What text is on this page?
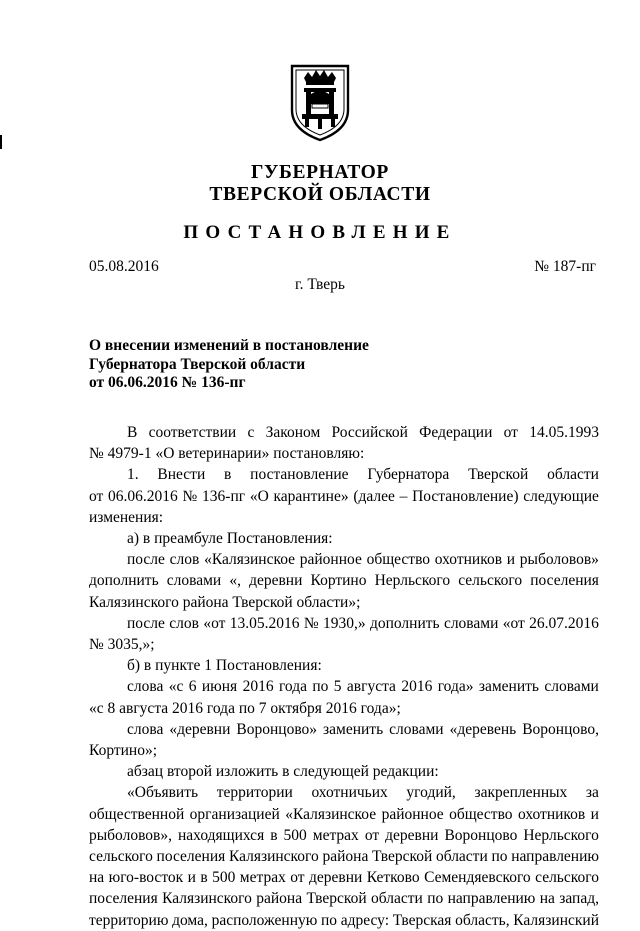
ГУБЕРНАТОР
ТВЕРСКОЙ ОБЛАСТИ
ПОСТАНОВЛЕНИЕ
05.08.2016	№ 187-пг
г. Тверь
О внесении изменений в постановление
Губернатора Тверской области
от 06.06.2016 № 136-пг
В соответствии с Законом Российской Федерации от 14.05.1993
№ 4979-1 «О ветеринарии» постановляю:
1. Внести в постановление Губернатора Тверской области
от 06.06.2016 № 136-пг «О карантине» (далее – Постановление) следующие
изменения:
а) в преамбуле Постановления:
после слов «Калязинское районное общество охотников и рыболовов»
дополнить словами «, деревни Кортино Нерльского сельского поселения
Калязинского района Тверской области»;
после слов «от 13.05.2016 № 1930,» дополнить словами «от 26.07.2016
№ 3035,»;
б) в пункте 1 Постановления:
слова «с 6 июня 2016 года по 5 августа 2016 года» заменить словами
«с 8 августа 2016 года по 7 октября 2016 года»;
слова «деревни Воронцово» заменить словами «деревень Воронцово,
Кортино»;
абзац второй изложить в следующей редакции:
«Объявить территории охотничьих угодий, закрепленных за
общественной организацией «Калязинское районное общество охотников и
рыболовов», находящихся в 500 метрах от деревни Воронцово Нерльского
сельского поселения Калязинского района Тверской области по направлению
на юго-восток и в 500 метрах от деревни Кетково Семендяевского сельского
поселения Калязинского района Тверской области по направлению на запад,
территорию дома, расположенную по адресу: Тверская область, Калязинский
